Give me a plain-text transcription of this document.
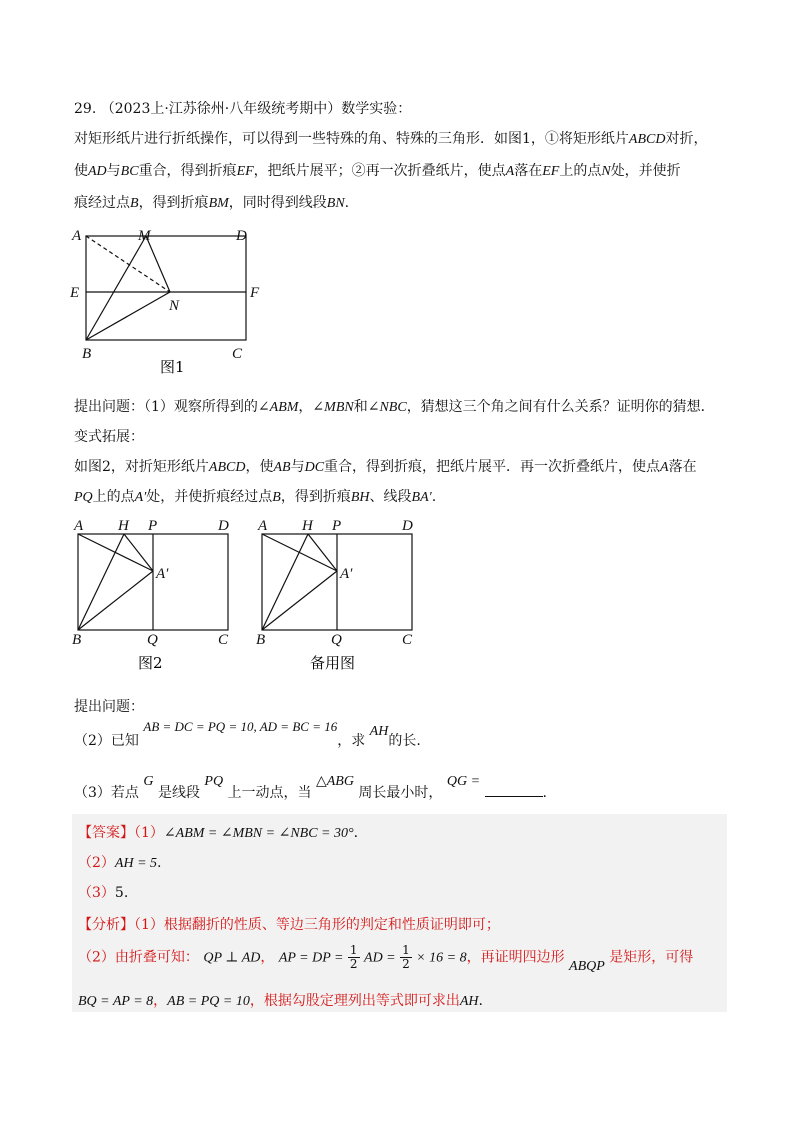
29. （2023上·江苏徐州·八年级统考期中）数学实验：
对矩形纸片进行折纸操作，可以得到一些特殊的角、特殊的三角形．如图1，①将矩形纸片ABCD对折，
使AD与BC重合，得到折痕EF，把纸片展平；②再一次折叠纸片，使点A落在EF上的点N处，并使折
痕经过点B，得到折痕BM，同时得到线段BN.
A	M	D
E	F
N
B	C
图1
提出问题：（1）观察所得到的∠ABM，∠MBN和∠NBC，猜想这三个角之间有什么关系？证明你的猜想．
变式拓展：
如图2，对折矩形纸片ABCD，使AB与DC重合，得到折痕，把纸片展平．再一次折叠纸片，使点A落在
PQ上的点A′处，并使折痕经过点B，得到折痕BH、线段BA′.
A H P	D
A′
B	Q	C
图2
A H P	D
A′
B	Q	C
备用图
提出问题：
（2）已知 AB = DC = PQ = 10, AD = BC = 16，求 AH的长.
（3）若点 G 是线段 PQ 上一动点，当 △ABG 周长最小时， QG = .
【答案】（1）∠ABM = ∠MBN = ∠NBC = 30°.
（2）AH = 5.
（3）5.
【分析】（1）根据翻折的性质、等边三角形的判定和性质证明即可；
（2）由折叠可知： QP ⊥ AD， AP = DP = $\frac{1}{2}$ AD = $\frac{1}{2} \times 16 = 8$，再证明四边形 ABQP 是矩形，可得
BQ = AP = 8，AB = PQ = 10，根据勾股定理列出等式即可求出AH.
